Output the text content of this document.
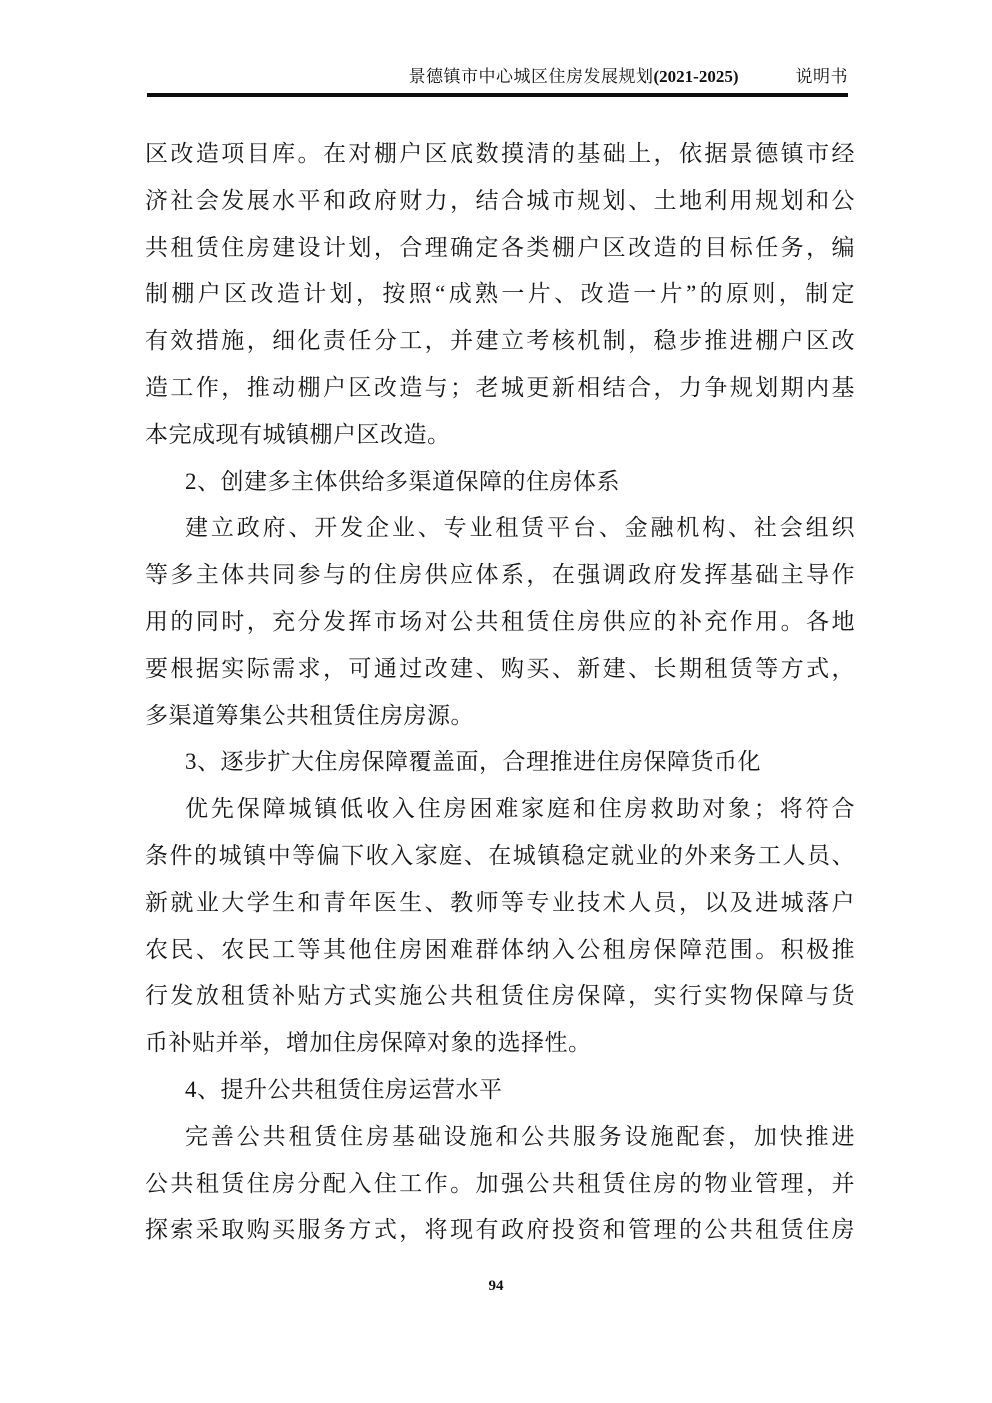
景德镇市中心城区住房发展规划(2021-2025)	说明书
区改造项目库。在对棚户区底数摸清的基础上，依据景德镇市经
济社会发展水平和政府财力，结合城市规划、土地利用规划和公
共租赁住房建设计划，合理确定各类棚户区改造的目标任务，编
制棚户区改造计划，按照“成熟一片、改造一片”的原则，制定
有效措施，细化责任分工，并建立考核机制，稳步推进棚户区改
造工作，推动棚户区改造与；老城更新相结合，力争规划期内基
本完成现有城镇棚户区改造。
2、创建多主体供给多渠道保障的住房体系
建立政府、开发企业、专业租赁平台、金融机构、社会组织
等多主体共同参与的住房供应体系，在强调政府发挥基础主导作
用的同时，充分发挥市场对公共租赁住房供应的补充作用。各地
要根据实际需求，可通过改建、购买、新建、长期租赁等方式，
多渠道筹集公共租赁住房房源。
3、逐步扩大住房保障覆盖面，合理推进住房保障货币化
优先保障城镇低收入住房困难家庭和住房救助对象；将符合
条件的城镇中等偏下收入家庭、在城镇稳定就业的外来务工人员、
新就业大学生和青年医生、教师等专业技术人员，以及进城落户
农民、农民工等其他住房困难群体纳入公租房保障范围。积极推
行发放租赁补贴方式实施公共租赁住房保障，实行实物保障与货
币补贴并举，增加住房保障对象的选择性。
4、提升公共租赁住房运营水平
完善公共租赁住房基础设施和公共服务设施配套，加快推进
公共租赁住房分配入住工作。加强公共租赁住房的物业管理，并
探索采取购买服务方式，将现有政府投资和管理的公共租赁住房
94
